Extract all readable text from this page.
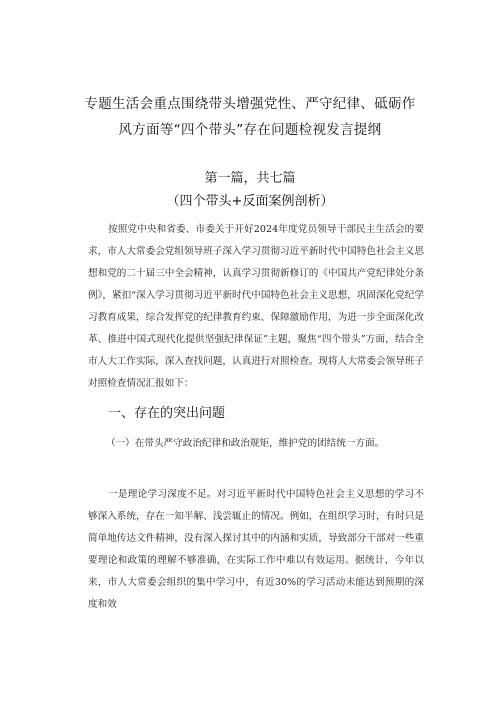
专题生活会重点围绕带头增强党性、严守纪律、砥砺作
风方面等“四个带头”存在问题检视发言提纲
第一篇，共七篇
（四个带头+反面案例剖析）

按照党中央和省委、市委关于开好2024年度党员领导干部民主生活会的要求，市人大常委会党组领导班子深入学习贯彻习近平新时代中国特色社会主义思想和党的二十届三中全会精神，认真学习贯彻新修订的《中国共产党纪律处分条例》，紧扣“深入学习贯彻习近平新时代中国特色社会主义思想，巩固深化党纪学习教育成果，综合发挥党的纪律教育约束、保障激励作用，为进一步全面深化改革、推进中国式现代化提供坚强纪律保证”主题，聚焦“四个带头”方面，结合全市人大工作实际，深入查找问题，认真进行对照检查。现将人大常委会领导班子对照检查情况汇报如下：

一、存在的突出问题

（一）在带头严守政治纪律和政治规矩，维护党的团结统一方面。

一是理论学习深度不足。对习近平新时代中国特色社会主义思想的学习不够深入系统，存在一知半解、浅尝辄止的情况。例如，在组织学习时，有时只是简单地传达文件精神，没有深入探讨其中的内涵和实质，导致部分干部对一些重要理论和政策的理解不够准确，在实际工作中难以有效运用。据统计，今年以来，市人大常委会组织的集中学习中，有近30%的学习活动未能达到预期的深度和效
